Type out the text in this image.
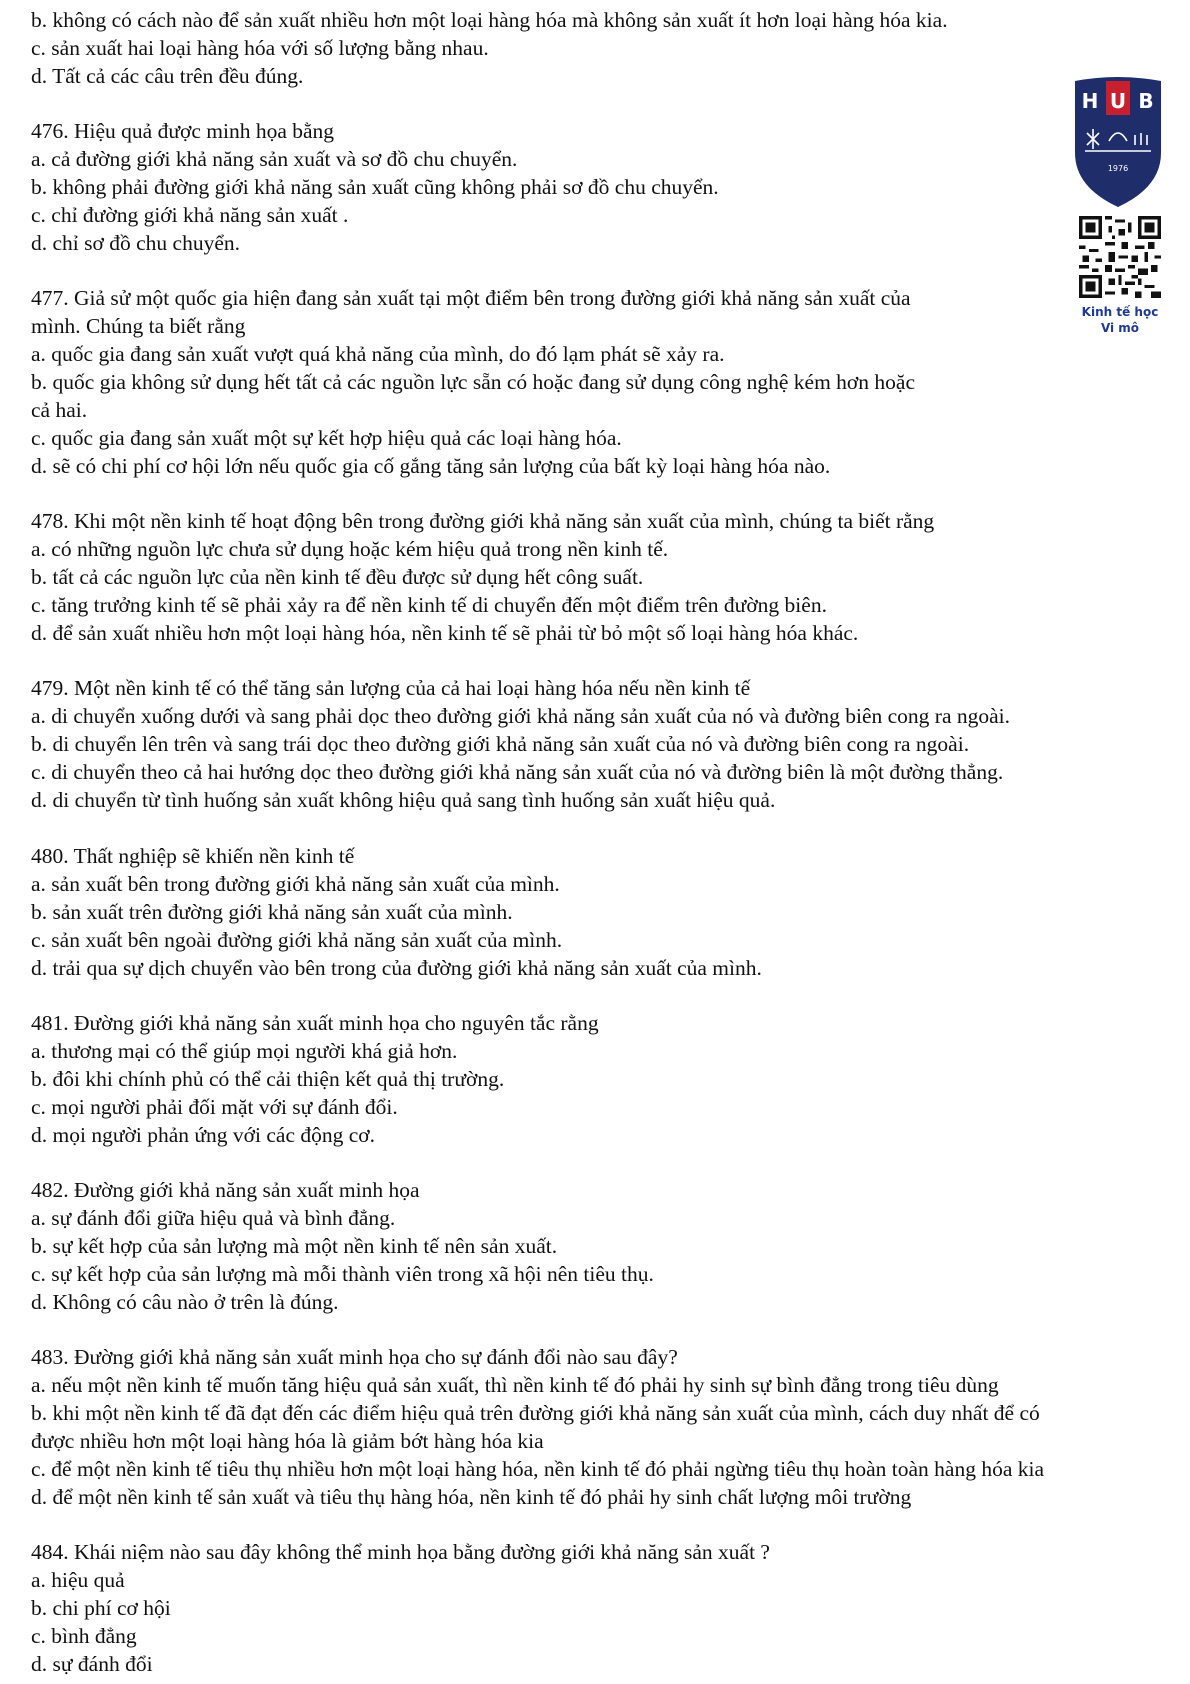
b. không có cách nào để sản xuất nhiều hơn một loại hàng hóa mà không sản xuất ít hơn loại hàng hóa kia.
c. sản xuất hai loại hàng hóa với số lượng bằng nhau.
d. Tất cả các câu trên đều đúng.
476. Hiệu quả được minh họa bằng
a. cả đường giới khả năng sản xuất và sơ đồ chu chuyển.
b. không phải đường giới khả năng sản xuất cũng không phải sơ đồ chu chuyển.
c. chỉ đường giới khả năng sản xuất .
d. chỉ sơ đồ chu chuyển.
477. Giả sử một quốc gia hiện đang sản xuất tại một điểm bên trong đường giới khả năng sản xuất của
mình. Chúng ta biết rằng
a. quốc gia đang sản xuất vượt quá khả năng của mình, do đó lạm phát sẽ xảy ra.
b. quốc gia không sử dụng hết tất cả các nguồn lực sẵn có hoặc đang sử dụng công nghệ kém hơn hoặc
cả hai.
c. quốc gia đang sản xuất một sự kết hợp hiệu quả các loại hàng hóa.
d. sẽ có chi phí cơ hội lớn nếu quốc gia cố gắng tăng sản lượng của bất kỳ loại hàng hóa nào.
478. Khi một nền kinh tế hoạt động bên trong đường giới khả năng sản xuất của mình, chúng ta biết rằng
a. có những nguồn lực chưa sử dụng hoặc kém hiệu quả trong nền kinh tế.
b. tất cả các nguồn lực của nền kinh tế đều được sử dụng hết công suất.
c. tăng trưởng kinh tế sẽ phải xảy ra để nền kinh tế di chuyển đến một điểm trên đường biên.
d. để sản xuất nhiều hơn một loại hàng hóa, nền kinh tế sẽ phải từ bỏ một số loại hàng hóa khác.
479. Một nền kinh tế có thể tăng sản lượng của cả hai loại hàng hóa nếu nền kinh tế
a. di chuyển xuống dưới và sang phải dọc theo đường giới khả năng sản xuất của nó và đường biên cong ra ngoài.
b. di chuyển lên trên và sang trái dọc theo đường giới khả năng sản xuất của nó và đường biên cong ra ngoài.
c. di chuyển theo cả hai hướng dọc theo đường giới khả năng sản xuất của nó và đường biên là một đường thẳng.
d. di chuyển từ tình huống sản xuất không hiệu quả sang tình huống sản xuất hiệu quả.
480. Thất nghiệp sẽ khiến nền kinh tế
a. sản xuất bên trong đường giới khả năng sản xuất của mình.
b. sản xuất trên đường giới khả năng sản xuất của mình.
c. sản xuất bên ngoài đường giới khả năng sản xuất của mình.
d. trải qua sự dịch chuyển vào bên trong của đường giới khả năng sản xuất của mình.
481. Đường giới khả năng sản xuất minh họa cho nguyên tắc rằng
a. thương mại có thể giúp mọi người khá giả hơn.
b. đôi khi chính phủ có thể cải thiện kết quả thị trường.
c. mọi người phải đối mặt với sự đánh đổi.
d. mọi người phản ứng với các động cơ.
482. Đường giới khả năng sản xuất minh họa
a. sự đánh đổi giữa hiệu quả và bình đẳng.
b. sự kết hợp của sản lượng mà một nền kinh tế nên sản xuất.
c. sự kết hợp của sản lượng mà mỗi thành viên trong xã hội nên tiêu thụ.
d. Không có câu nào ở trên là đúng.
483. Đường giới khả năng sản xuất minh họa cho sự đánh đổi nào sau đây?
a. nếu một nền kinh tế muốn tăng hiệu quả sản xuất, thì nền kinh tế đó phải hy sinh sự bình đẳng trong tiêu dùng
b. khi một nền kinh tế đã đạt đến các điểm hiệu quả trên đường giới khả năng sản xuất của mình, cách duy nhất để có
được nhiều hơn một loại hàng hóa là giảm bớt hàng hóa kia
c. để một nền kinh tế tiêu thụ nhiều hơn một loại hàng hóa, nền kinh tế đó phải ngừng tiêu thụ hoàn toàn hàng hóa kia
d. để một nền kinh tế sản xuất và tiêu thụ hàng hóa, nền kinh tế đó phải hy sinh chất lượng môi trường
484. Khái niệm nào sau đây không thể minh họa bằng đường giới khả năng sản xuất ?
a. hiệu quả
b. chi phí cơ hội
c. bình đẳng
d. sự đánh đổi
H U B
1976
Kinh tế học
Vi mô
